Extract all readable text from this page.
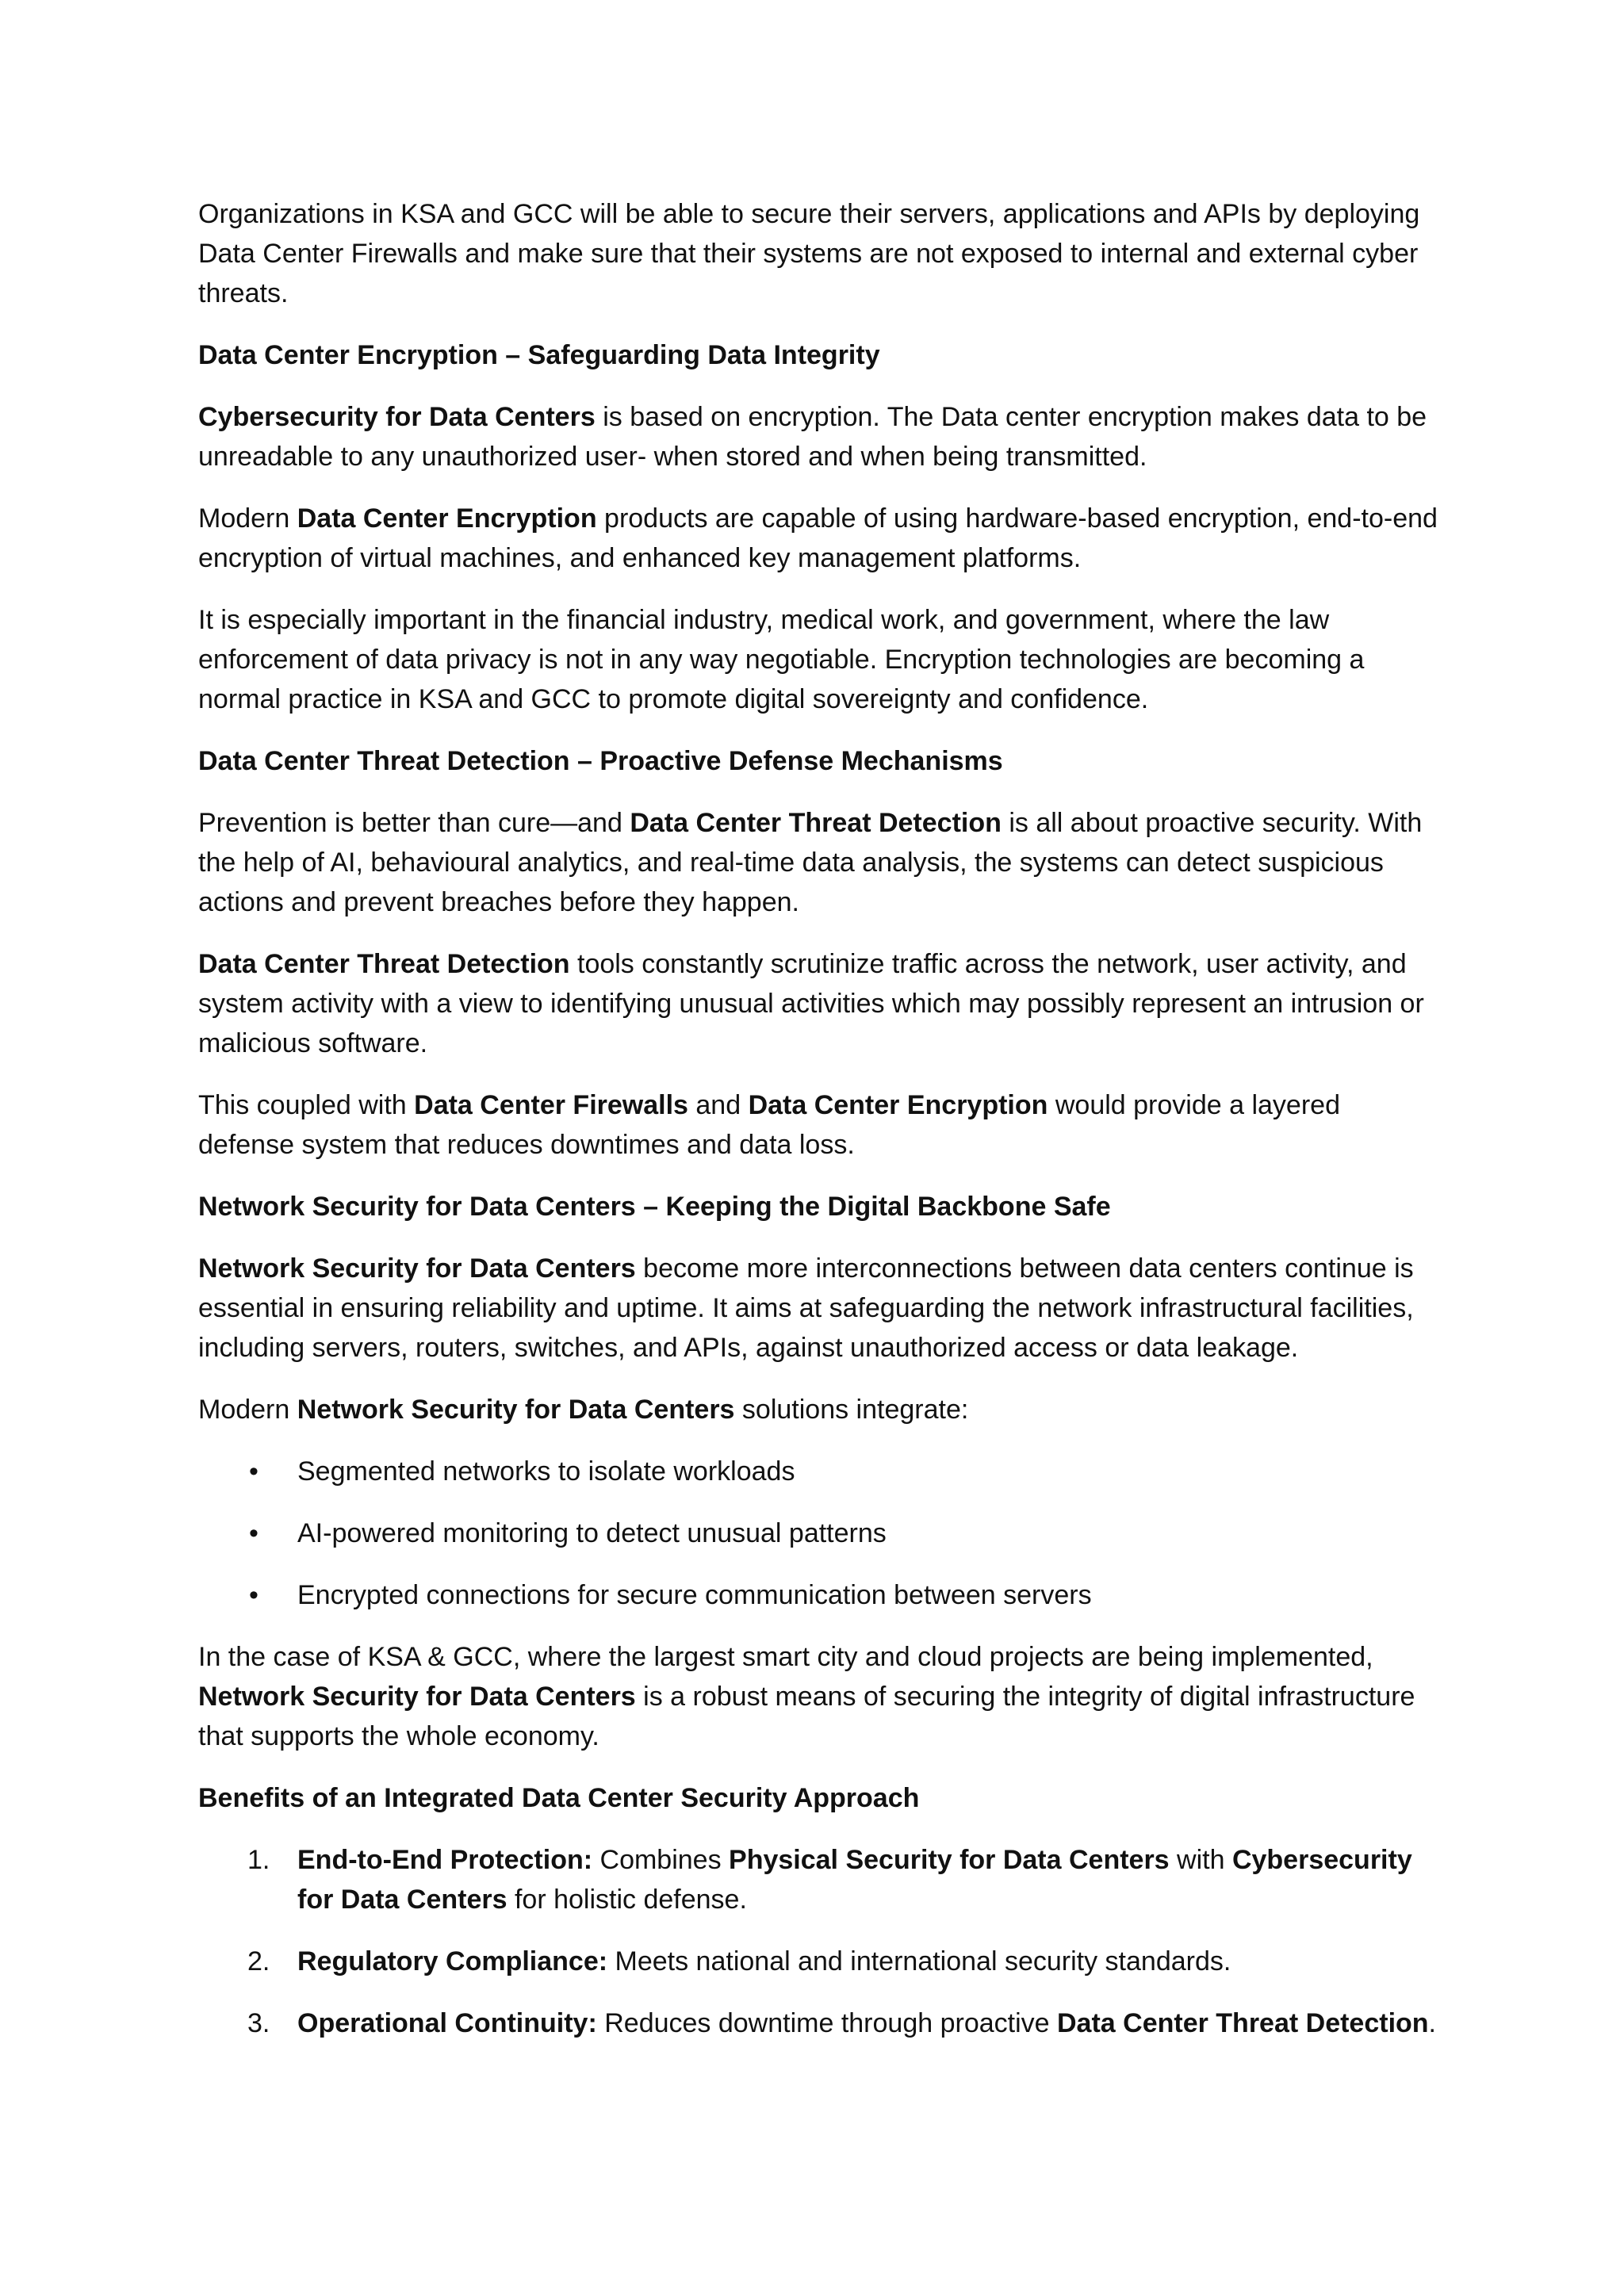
Organizations in KSA and GCC will be able to secure their servers, applications and APIs by deploying Data Center Firewalls and make sure that their systems are not exposed to internal and external cyber threats.

Data Center Encryption – Safeguarding Data Integrity

Cybersecurity for Data Centers is based on encryption. The Data center encryption makes data to be unreadable to any unauthorized user- when stored and when being transmitted.

Modern Data Center Encryption products are capable of using hardware-based encryption, end-to-end encryption of virtual machines, and enhanced key management platforms.

It is especially important in the financial industry, medical work, and government, where the law enforcement of data privacy is not in any way negotiable. Encryption technologies are becoming a normal practice in KSA and GCC to promote digital sovereignty and confidence.

Data Center Threat Detection – Proactive Defense Mechanisms

Prevention is better than cure—and Data Center Threat Detection is all about proactive security. With the help of AI, behavioural analytics, and real-time data analysis, the systems can detect suspicious actions and prevent breaches before they happen.

Data Center Threat Detection tools constantly scrutinize traffic across the network, user activity, and system activity with a view to identifying unusual activities which may possibly represent an intrusion or malicious software.

This coupled with Data Center Firewalls and Data Center Encryption would provide a layered defense system that reduces downtimes and data loss.

Network Security for Data Centers – Keeping the Digital Backbone Safe

Network Security for Data Centers become more interconnections between data centers continue is essential in ensuring reliability and uptime. It aims at safeguarding the network infrastructural facilities, including servers, routers, switches, and APIs, against unauthorized access or data leakage.

Modern Network Security for Data Centers solutions integrate:

• Segmented networks to isolate workloads
• AI-powered monitoring to detect unusual patterns
• Encrypted connections for secure communication between servers

In the case of KSA & GCC, where the largest smart city and cloud projects are being implemented, Network Security for Data Centers is a robust means of securing the integrity of digital infrastructure that supports the whole economy.

Benefits of an Integrated Data Center Security Approach

1. End-to-End Protection: Combines Physical Security for Data Centers with Cybersecurity for Data Centers for holistic defense.
2. Regulatory Compliance: Meets national and international security standards.
3. Operational Continuity: Reduces downtime through proactive Data Center Threat Detection.
